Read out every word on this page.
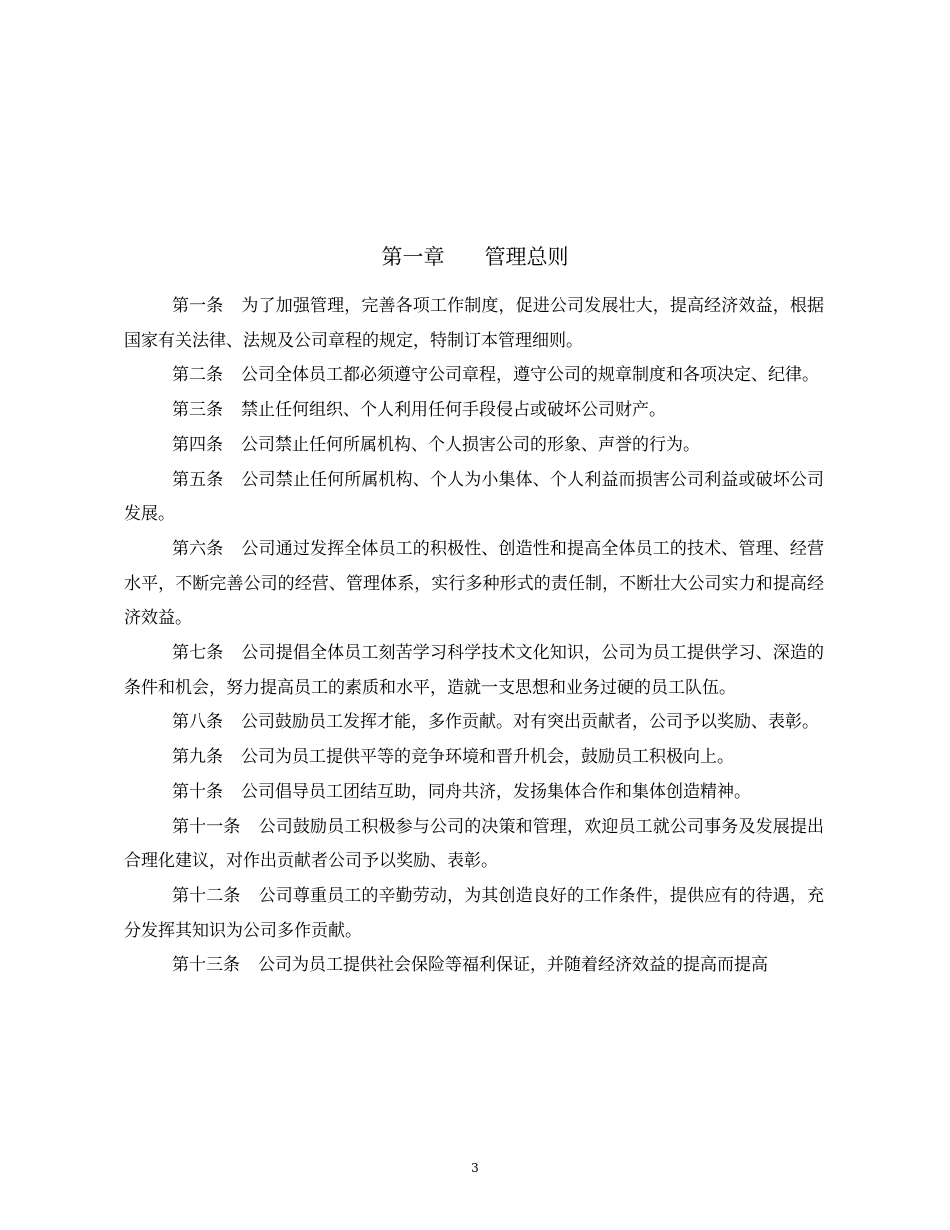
第一章 管理总则

第一条 为了加强管理，完善各项工作制度，促进公司发展壮大，提高经济效益，根据国家有关法律、法规及公司章程的规定，特制订本管理细则。

第二条 公司全体员工都必须遵守公司章程，遵守公司的规章制度和各项决定、纪律。

第三条 禁止任何组织、个人利用任何手段侵占或破坏公司财产。

第四条 公司禁止任何所属机构、个人损害公司的形象、声誉的行为。

第五条 公司禁止任何所属机构、个人为小集体、个人利益而损害公司利益或破坏公司发展。

第六条 公司通过发挥全体员工的积极性、创造性和提高全体员工的技术、管理、经营水平，不断完善公司的经营、管理体系，实行多种形式的责任制，不断壮大公司实力和提高经济效益。

第七条 公司提倡全体员工刻苦学习科学技术文化知识，公司为员工提供学习、深造的条件和机会，努力提高员工的素质和水平，造就一支思想和业务过硬的员工队伍。

第八条 公司鼓励员工发挥才能，多作贡献。对有突出贡献者，公司予以奖励、表彰。

第九条 公司为员工提供平等的竞争环境和晋升机会，鼓励员工积极向上。

第十条 公司倡导员工团结互助，同舟共济，发扬集体合作和集体创造精神。

第十一条 公司鼓励员工积极参与公司的决策和管理，欢迎员工就公司事务及发展提出合理化建议，对作出贡献者公司予以奖励、表彰。

第十二条 公司尊重员工的辛勤劳动，为其创造良好的工作条件，提供应有的待遇，充分发挥其知识为公司多作贡献。

第十三条 公司为员工提供社会保险等福利保证，并随着经济效益的提高而提高

3
